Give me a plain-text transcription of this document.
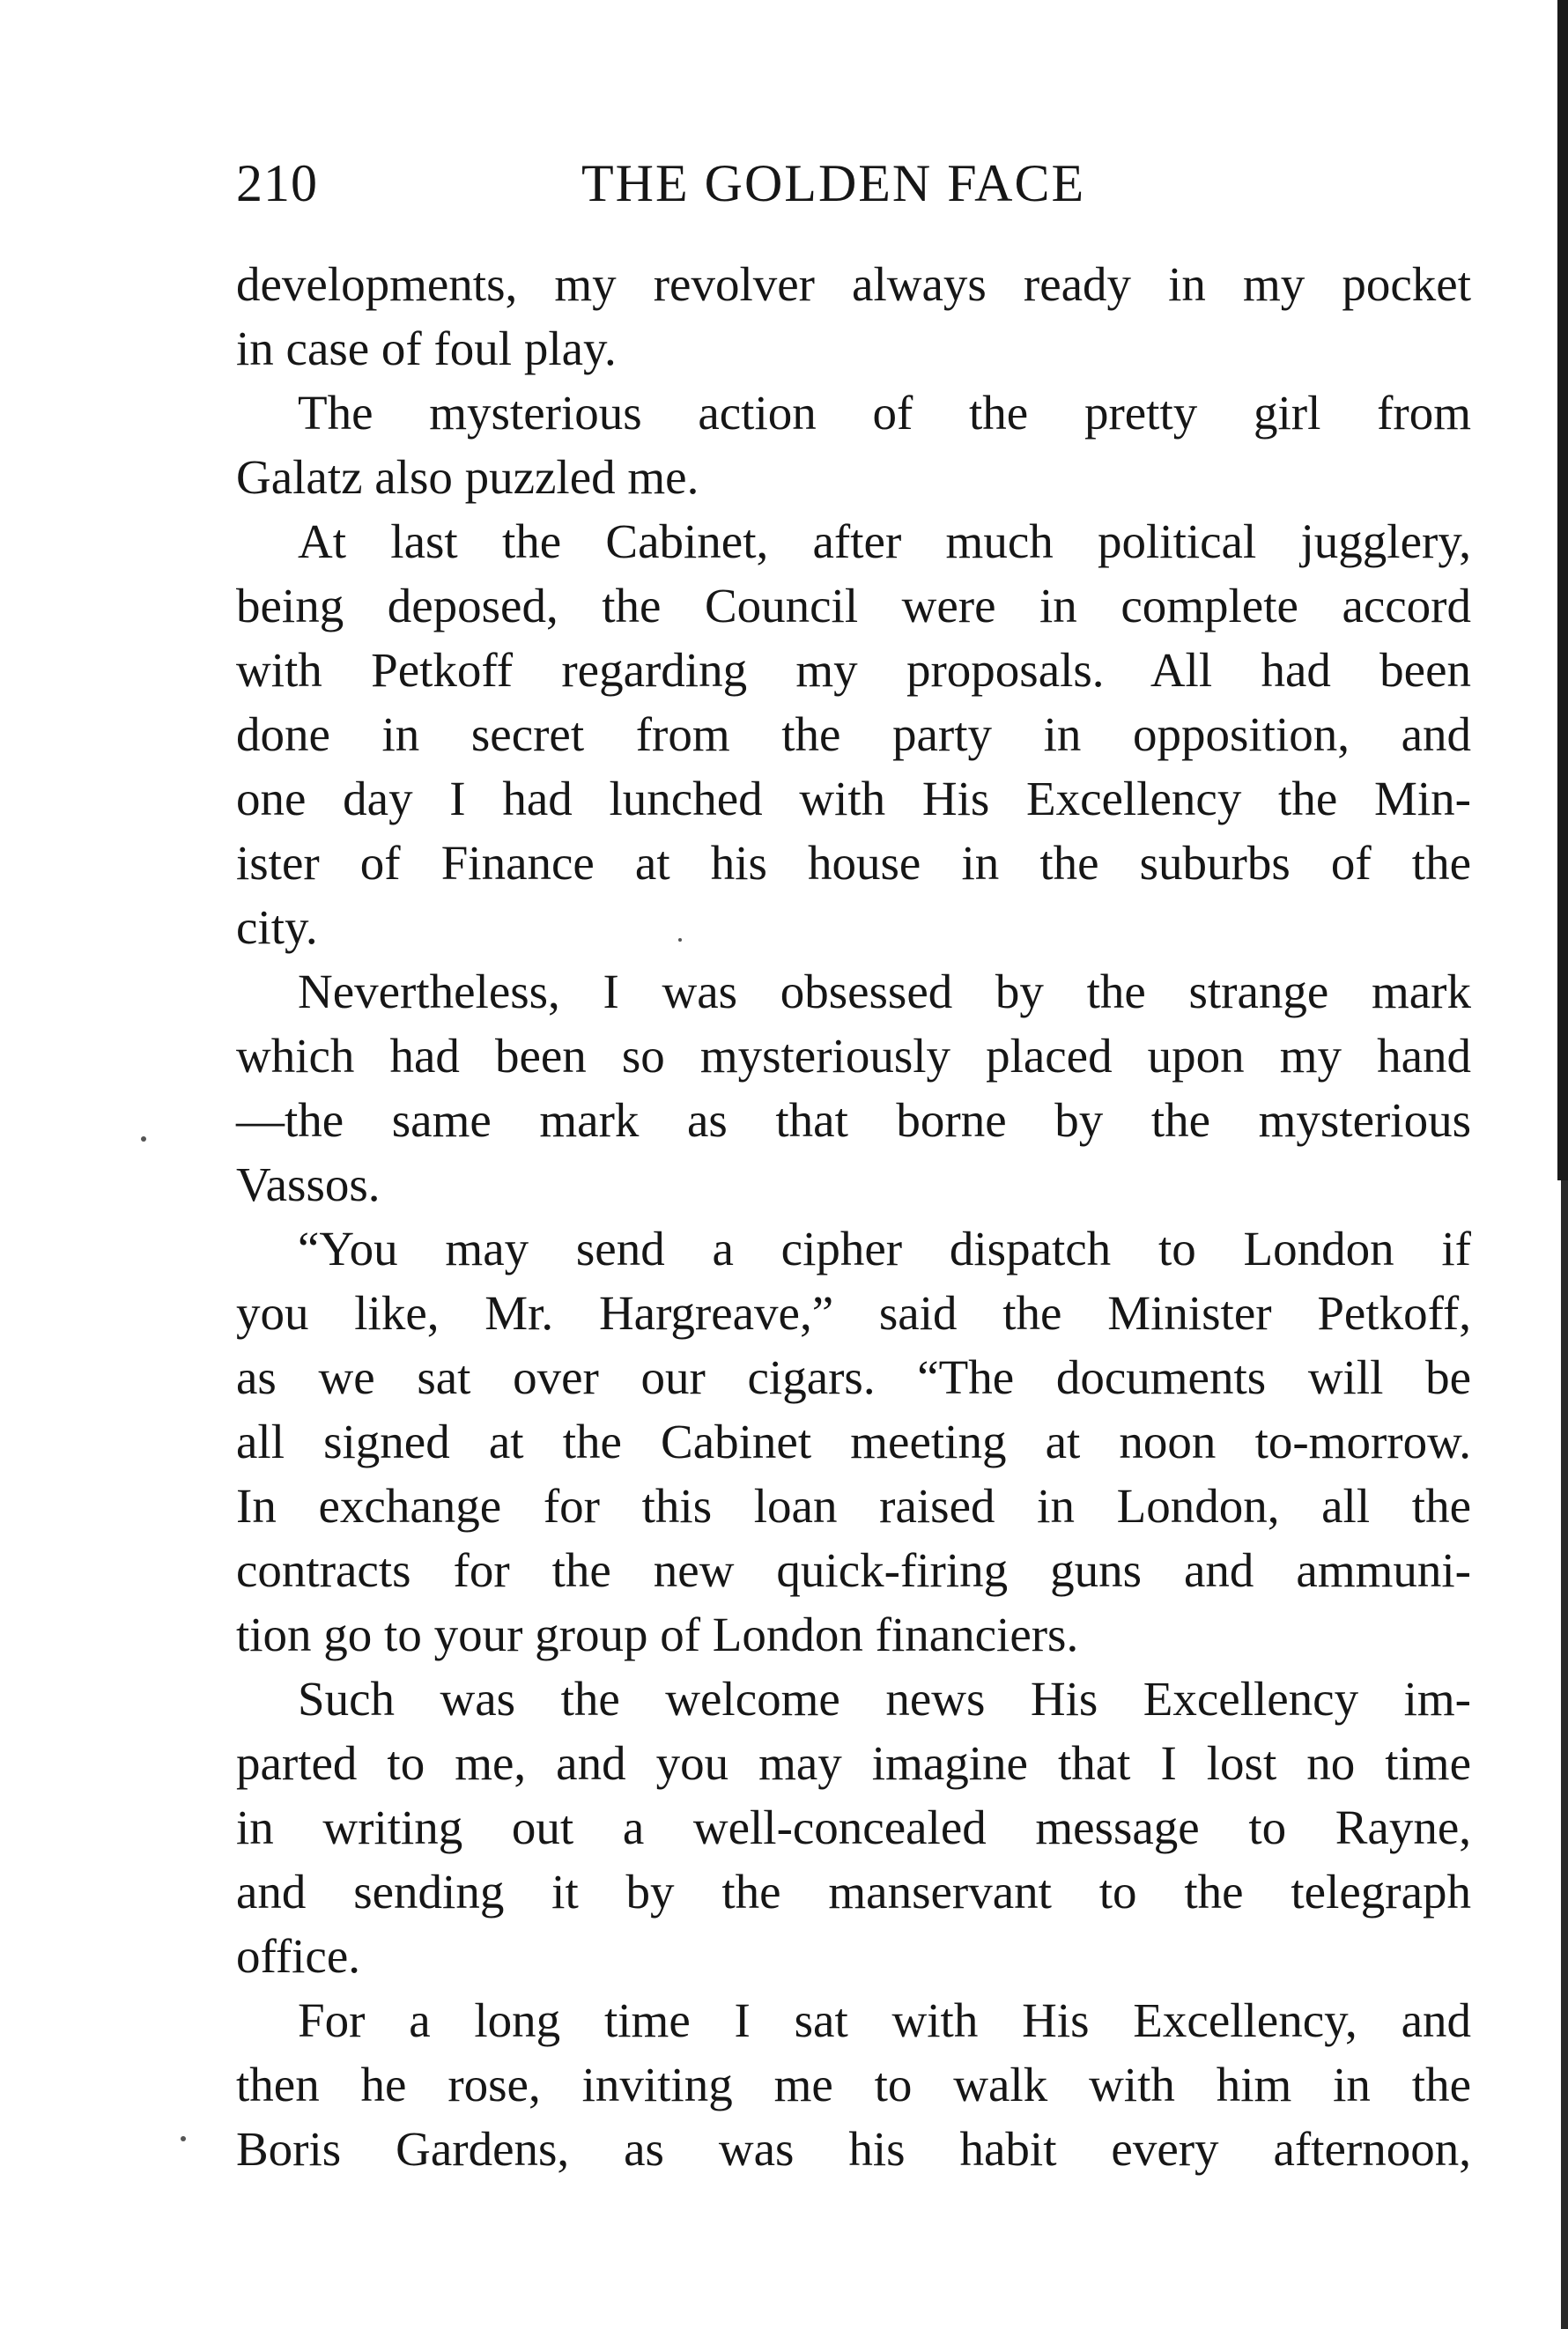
210	THE GOLDEN FACE

developments, my revolver always ready in my pocket
in case of foul play.

The mysterious action of the pretty girl from
Galatz also puzzled me.

At last the Cabinet, after much political jugglery,
being deposed, the Council were in complete accord
with Petkoff regarding my proposals. All had been
done in secret from the party in opposition, and
one day I had lunched with His Excellency the Min-
ister of Finance at his house in the suburbs of the
city.

Nevertheless, I was obsessed by the strange mark
which had been so mysteriously placed upon my hand
—the same mark as that borne by the mysterious
Vassos.

“You may send a cipher dispatch to London if
you like, Mr. Hargreave,” said the Minister Petkoff,
as we sat over our cigars. “The documents will be
all signed at the Cabinet meeting at noon to-morrow.
In exchange for this loan raised in London, all the
contracts for the new quick-firing guns and ammuni-
tion go to your group of London financiers.

Such was the welcome news His Excellency im-
parted to me, and you may imagine that I lost no time
in writing out a well-concealed message to Rayne,
and sending it by the manservant to the telegraph
office.

For a long time I sat with His Excellency, and
then he rose, inviting me to walk with him in the
Boris Gardens, as was his habit every afternoon,
